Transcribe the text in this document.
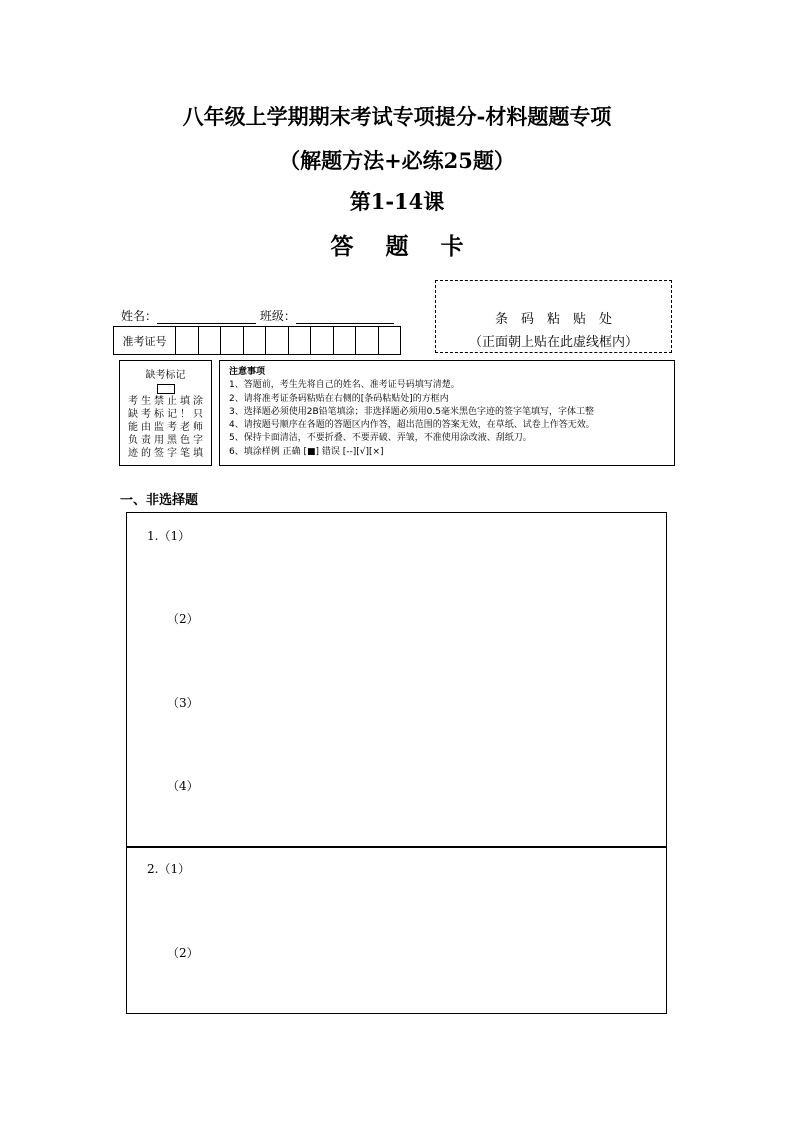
八年级上学期期末考试专项提分-材料题题专项
（解题方法+必练25题）
第1-14课
答 题 卡
姓名：	班级：
准考证号
条码粘贴处
（正面朝上贴在此虚线框内）
缺考标记
考生禁止填涂
缺考标记！只
能由监考老师
负责用黑色字
迹的签字笔填
注意事项
1、答题前，考生先将自己的姓名、准考证号码填写清楚。
2、请将准考证条码粘贴在右侧的[条码粘贴处]的方框内
3、选择题必须使用2B铅笔填涂；非选择题必须用0.5毫米黑色字迹的签字笔填写，字体工整
4、请按题号顺序在各题的答题区内作答，超出范围的答案无效，在草纸、试卷上作答无效。
5、保持卡面清洁，不要折叠、不要弄破、弄皱，不准使用涂改液、刮纸刀。
6、填涂样例 正确 [■] 错误 [--][√][×]
一、非选择题
1.（1）
（2）
（3）
（4）
2.（1）
（2）
